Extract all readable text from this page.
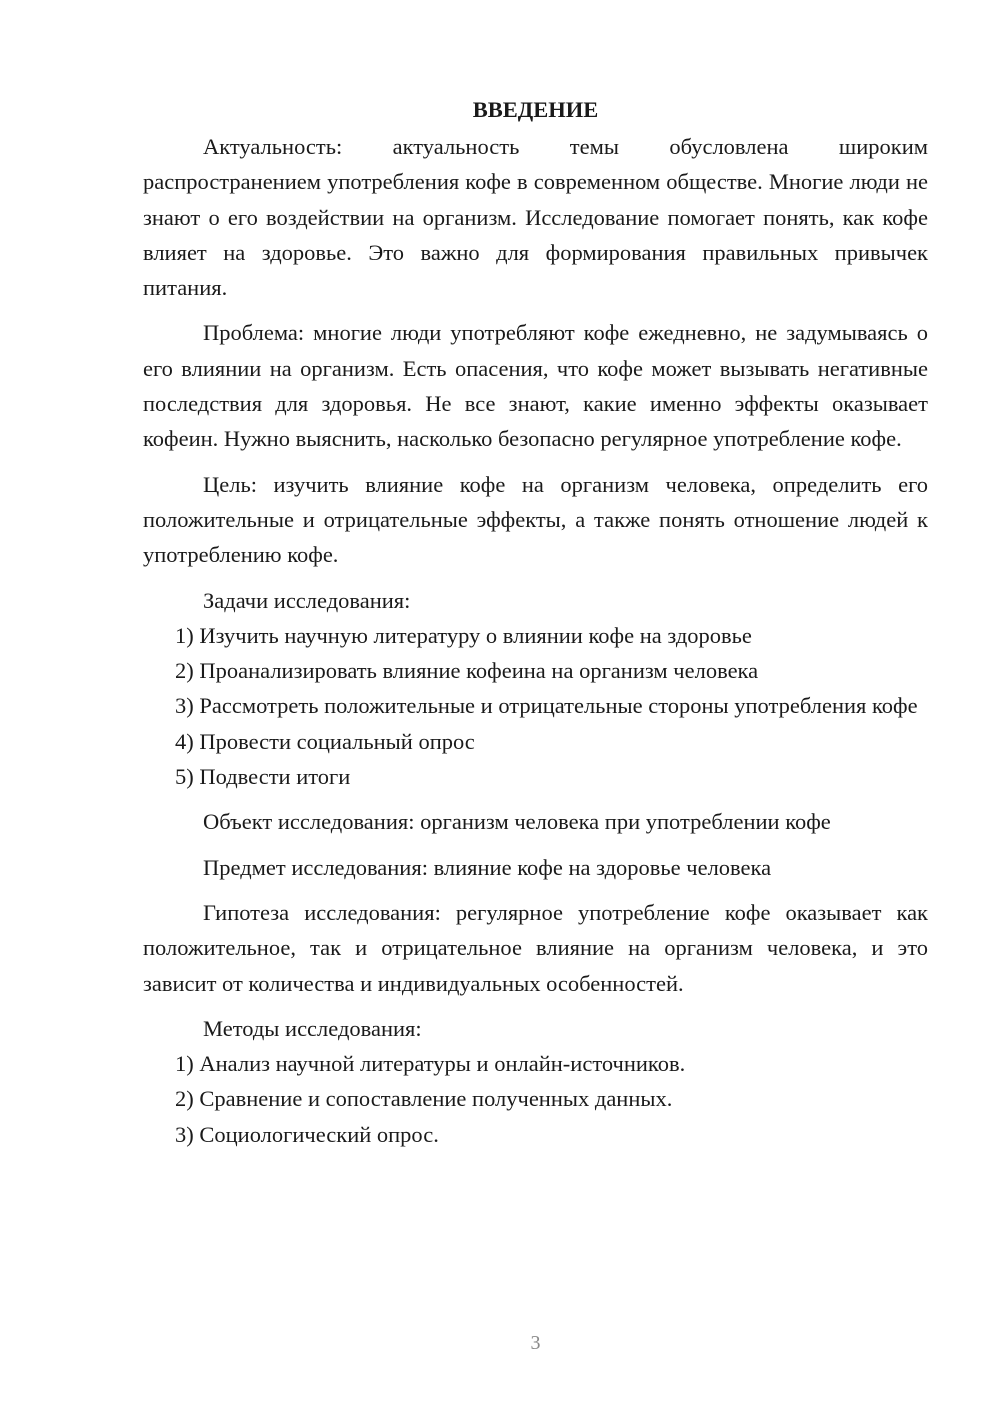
ВВЕДЕНИЕ

Актуальность: актуальность темы обусловлена широким распространением употребления кофе в современном обществе. Многие люди не знают о его воздействии на организм. Исследование помогает понять, как кофе влияет на здоровье. Это важно для формирования правильных привычек питания.

Проблема: многие люди употребляют кофе ежедневно, не задумываясь о его влиянии на организм. Есть опасения, что кофе может вызывать негативные последствия для здоровья. Не все знают, какие именно эффекты оказывает кофеин. Нужно выяснить, насколько безопасно регулярное употребление кофе.

Цель: изучить влияние кофе на организм человека, определить его положительные и отрицательные эффекты, а также понять отношение людей к употреблению кофе.

Задачи исследования:

1) Изучить научную литературу о влиянии кофе на здоровье

2) Проанализировать влияние кофеина на организм человека

3) Рассмотреть положительные и отрицательные стороны употребления кофе

4) Провести социальный опрос

5) Подвести итоги

Объект исследования: организм человека при употреблении кофе

Предмет исследования: влияние кофе на здоровье человека

Гипотеза исследования: регулярное употребление кофе оказывает как положительное, так и отрицательное влияние на организм человека, и это зависит от количества и индивидуальных особенностей.

Методы исследования:

1) Анализ научной литературы и онлайн-источников.

2) Сравнение и сопоставление полученных данных.

3) Социологический опрос.

3
